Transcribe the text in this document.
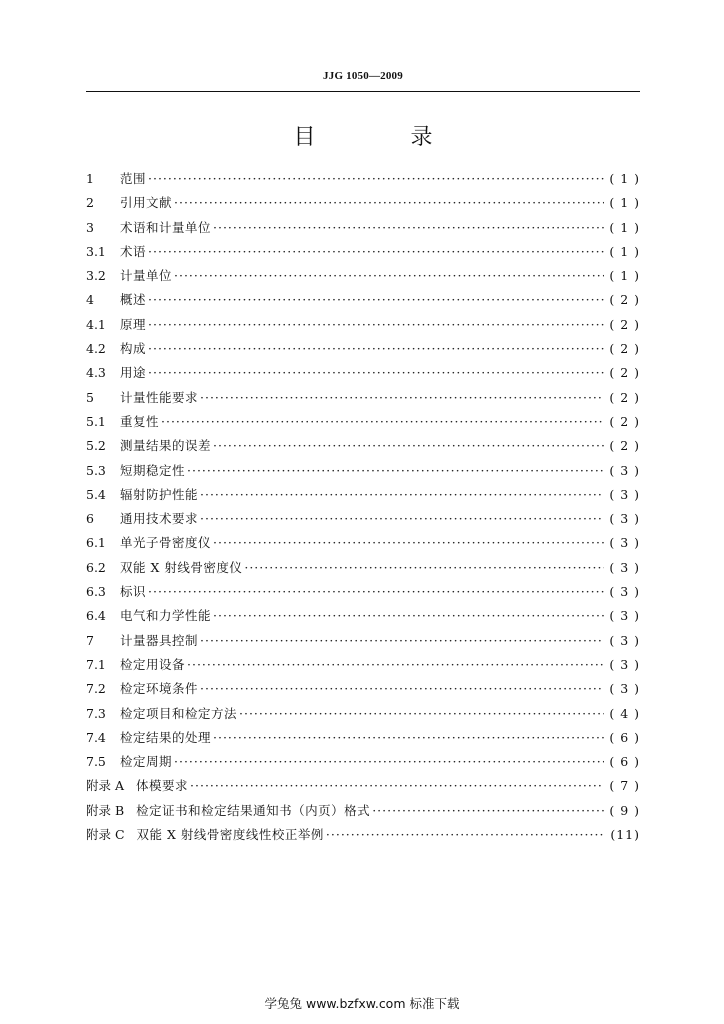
JJG 1050—2009
目 录
1	范围 ·····	( 1 )
2	引用文献 ·····	( 1 )
3	术语和计量单位 ·····	( 1 )
3.1	术语 ·····	( 1 )
3.2	计量单位 ·····	( 1 )
4	概述 ·····	( 2 )
4.1	原理 ·····	( 2 )
4.2	构成 ·····	( 2 )
4.3	用途 ·····	( 2 )
5	计量性能要求 ·····	( 2 )
5.1	重复性 ·····	( 2 )
5.2	测量结果的误差 ·····	( 2 )
5.3	短期稳定性 ·····	( 3 )
5.4	辐射防护性能 ·····	( 3 )
6	通用技术要求 ·····	( 3 )
6.1	单光子骨密度仪 ·····	( 3 )
6.2	双能 X 射线骨密度仪 ·····	( 3 )
6.3	标识 ·····	( 3 )
6.4	电气和力学性能 ·····	( 3 )
7	计量器具控制 ·····	( 3 )
7.1	检定用设备 ·····	( 3 )
7.2	检定环境条件 ·····	( 3 )
7.3	检定项目和检定方法 ·····	( 4 )
7.4	检定结果的处理 ·····	( 6 )
7.5	检定周期 ·····	( 6 )
附录 A 体模要求 ·····	( 7 )
附录 B 检定证书和检定结果通知书（内页）格式 ·····	( 9 )
附录 C 双能 X 射线骨密度线性校正举例 ·····	(11)
学兔兔 www.bzfxw.com 标准下载
